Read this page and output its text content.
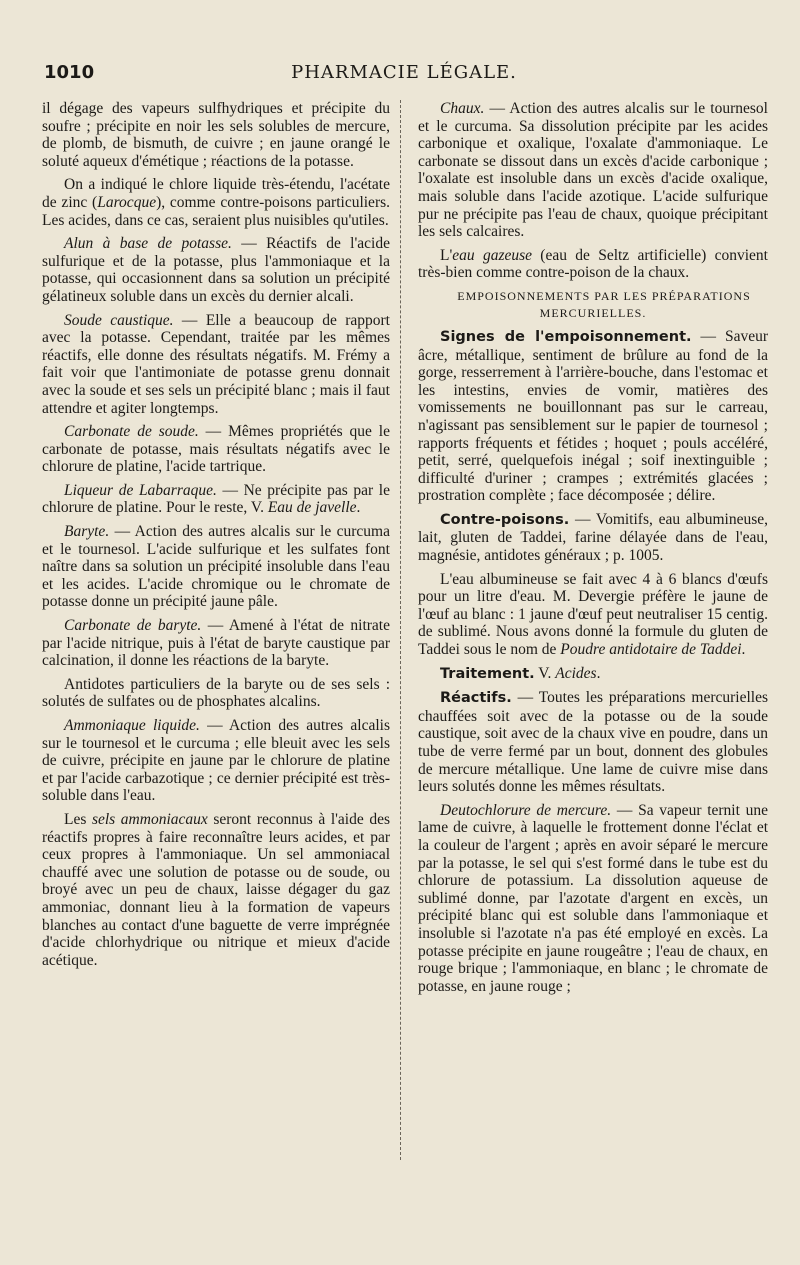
1010	PHARMACIE LÉGALE.

il dégage des vapeurs sulfhydriques et précipite du soufre ; précipite en noir les sels solubles de mercure, de plomb, de bismuth, de cuivre ; en jaune orangé le soluté aqueux d'émétique ; réactions de la potasse.

On a indiqué le chlore liquide très-étendu, l'acétate de zinc (Larocque), comme contre-poisons particuliers. Les acides, dans ce cas, seraient plus nuisibles qu'utiles.

Alun à base de potasse. — Réactifs de l'acide sulfurique et de la potasse, plus l'ammoniaque et la potasse, qui occasionnent dans sa solution un précipité gélatineux soluble dans un excès du dernier alcali.

Soude caustique. — Elle a beaucoup de rapport avec la potasse. Cependant, traitée par les mêmes réactifs, elle donne des résultats négatifs. M. Frémy a fait voir que l'antimoniate de potasse grenu donnait avec la soude et ses sels un précipité blanc ; mais il faut attendre et agiter longtemps.

Carbonate de soude. — Mêmes propriétés que le carbonate de potasse, mais résultats négatifs avec le chlorure de platine, l'acide tartrique.

Liqueur de Labarraque. — Ne précipite pas par le chlorure de platine. Pour le reste, V. Eau de javelle.

Baryte. — Action des autres alcalis sur le curcuma et le tournesol. L'acide sulfurique et les sulfates font naître dans sa solution un précipité insoluble dans l'eau et les acides. L'acide chromique ou le chromate de potasse donne un précipité jaune pâle.

Carbonate de baryte. — Amené à l'état de nitrate par l'acide nitrique, puis à l'état de baryte caustique par calcination, il donne les réactions de la baryte.

Antidotes particuliers de la baryte ou de ses sels : solutés de sulfates ou de phosphates alcalins.

Ammoniaque liquide. — Action des autres alcalis sur le tournesol et le curcuma ; elle bleuit avec les sels de cuivre, précipite en jaune par le chlorure de platine et par l'acide carbazotique ; ce dernier précipité est très-soluble dans l'eau.

Les sels ammoniacaux seront reconnus à l'aide des réactifs propres à faire reconnaître leurs acides, et par ceux propres à l'ammoniaque. Un sel ammoniacal chauffé avec une solution de potasse ou de soude, ou broyé avec un peu de chaux, laisse dégager du gaz ammoniac, donnant lieu à la formation de vapeurs blanches au contact d'une baguette de verre imprégnée d'acide chlorhydrique ou nitrique et mieux d'acide acétique.

Chaux. — Action des autres alcalis sur le tournesol et le curcuma. Sa dissolution précipite par les acides carbonique et oxalique, l'oxalate d'ammoniaque. Le carbonate se dissout dans un excès d'acide carbonique ; l'oxalate est insoluble dans un excès d'acide oxalique, mais soluble dans l'acide azotique. L'acide sulfurique pur ne précipite pas l'eau de chaux, quoique précipitant les sels calcaires.

L'eau gazeuse (eau de Seltz artificielle) convient très-bien comme contre-poison de la chaux.

EMPOISONNEMENTS PAR LES PRÉPARATIONS MERCURIELLES.

Signes de l'empoisonnement. — Saveur âcre, métallique, sentiment de brûlure au fond de la gorge, resserrement à l'arrière-bouche, dans l'estomac et les intestins, envies de vomir, matières des vomissements ne bouillonnant pas sur le carreau, n'agissant pas sensiblement sur le papier de tournesol ; rapports fréquents et fétides ; hoquet ; pouls accéléré, petit, serré, quelquefois inégal ; soif inextinguible ; difficulté d'uriner ; crampes ; extrémités glacées ; prostration complète ; face décomposée ; délire.

Contre-poisons. — Vomitifs, eau albumineuse, lait, gluten de Taddei, farine délayée dans de l'eau, magnésie, antidotes généraux ; p. 1005.

L'eau albumineuse se fait avec 4 à 6 blancs d'œufs pour un litre d'eau. M. Devergie préfère le jaune de l'œuf au blanc : 1 jaune d'œuf peut neutraliser 15 centig. de sublimé. Nous avons donné la formule du gluten de Taddei sous le nom de Poudre antidotaire de Taddei.

Traitement. V. Acides.

Réactifs. — Toutes les préparations mercurielles chauffées soit avec de la potasse ou de la soude caustique, soit avec de la chaux vive en poudre, dans un tube de verre fermé par un bout, donnent des globules de mercure métallique. Une lame de cuivre mise dans leurs solutés donne les mêmes résultats.

Deutochlorure de mercure. — Sa vapeur ternit une lame de cuivre, à laquelle le frottement donne l'éclat et la couleur de l'argent ; après en avoir séparé le mercure par la potasse, le sel qui s'est formé dans le tube est du chlorure de potassium. La dissolution aqueuse de sublimé donne, par l'azotate d'argent en excès, un précipité blanc qui est soluble dans l'ammoniaque et insoluble si l'azotate n'a pas été employé en excès. La potasse précipite en jaune rougeâtre ; l'eau de chaux, en rouge brique ; l'ammoniaque, en blanc ; le chromate de potasse, en jaune rouge ;
